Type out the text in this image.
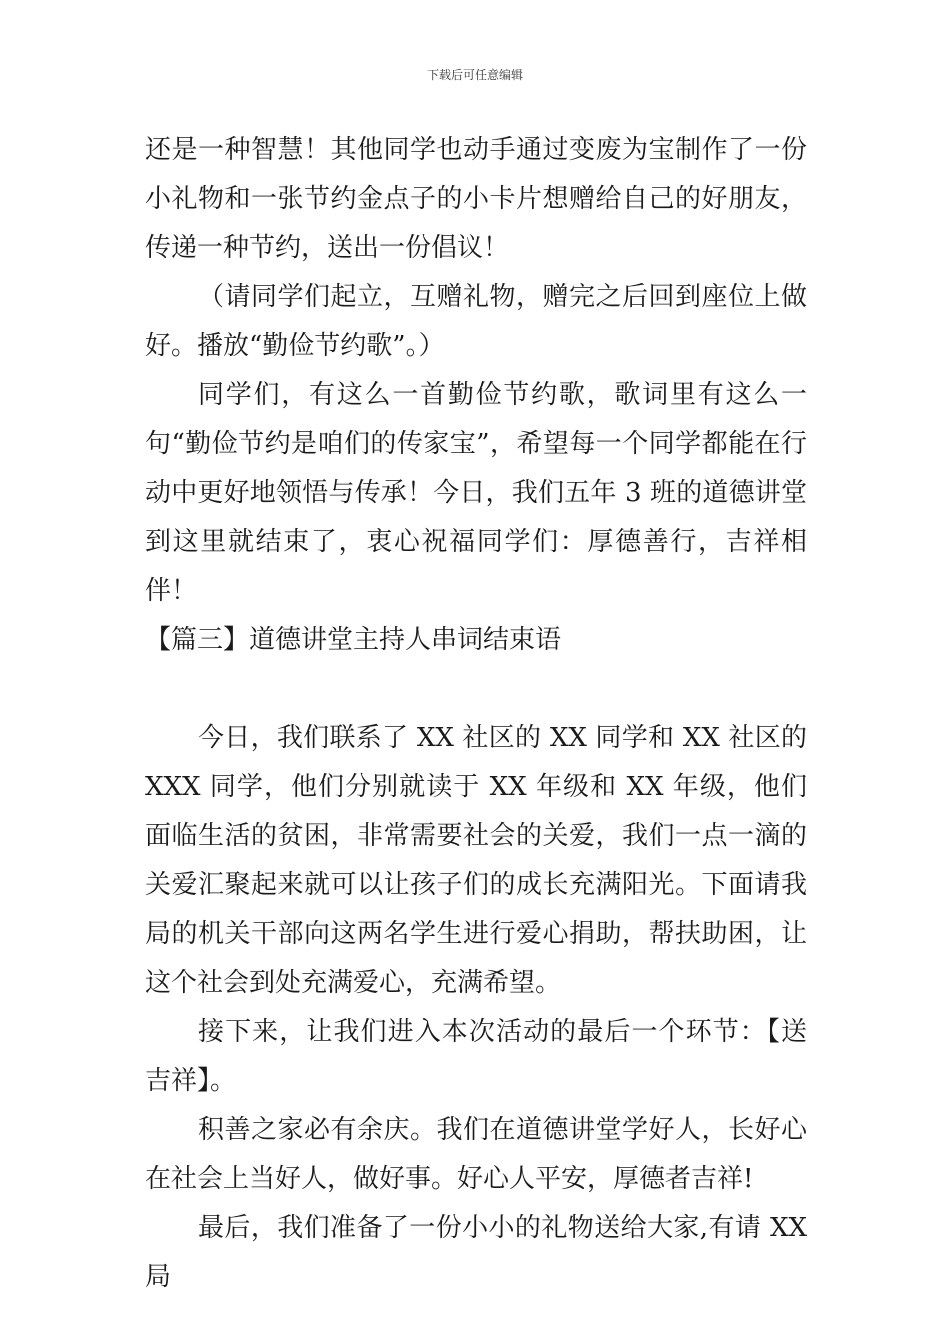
下载后可任意编辑

还是一种智慧！其他同学也动手通过变废为宝制作了一份小礼物和一张节约金点子的小卡片想赠给自己的好朋友，传递一种节约，送出一份倡议！

（请同学们起立，互赠礼物，赠完之后回到座位上做好。播放“勤俭节约歌”。）

同学们，有这么一首勤俭节约歌，歌词里有这么一句“勤俭节约是咱们的传家宝”，希望每一个同学都能在行动中更好地领悟与传承！今日，我们五年 3 班的道德讲堂到这里就结束了，衷心祝福同学们：厚德善行，吉祥相伴！

【篇三】道德讲堂主持人串词结束语

今日，我们联系了 XX 社区的 XX 同学和 XX 社区的 XXX 同学，他们分别就读于 XX 年级和 XX 年级，他们面临生活的贫困，非常需要社会的关爱，我们一点一滴的关爱汇聚起来就可以让孩子们的成长充满阳光。下面请我局的机关干部向这两名学生进行爱心捐助，帮扶助困，让这个社会到处充满爱心，充满希望。

接下来，让我们进入本次活动的最后一个环节：【送吉祥】。

积善之家必有余庆。我们在道德讲堂学好人，长好心在社会上当好人，做好事。好心人平安，厚德者吉祥!

最后，我们准备了一份小小的礼物送给大家,有请 XX 局
